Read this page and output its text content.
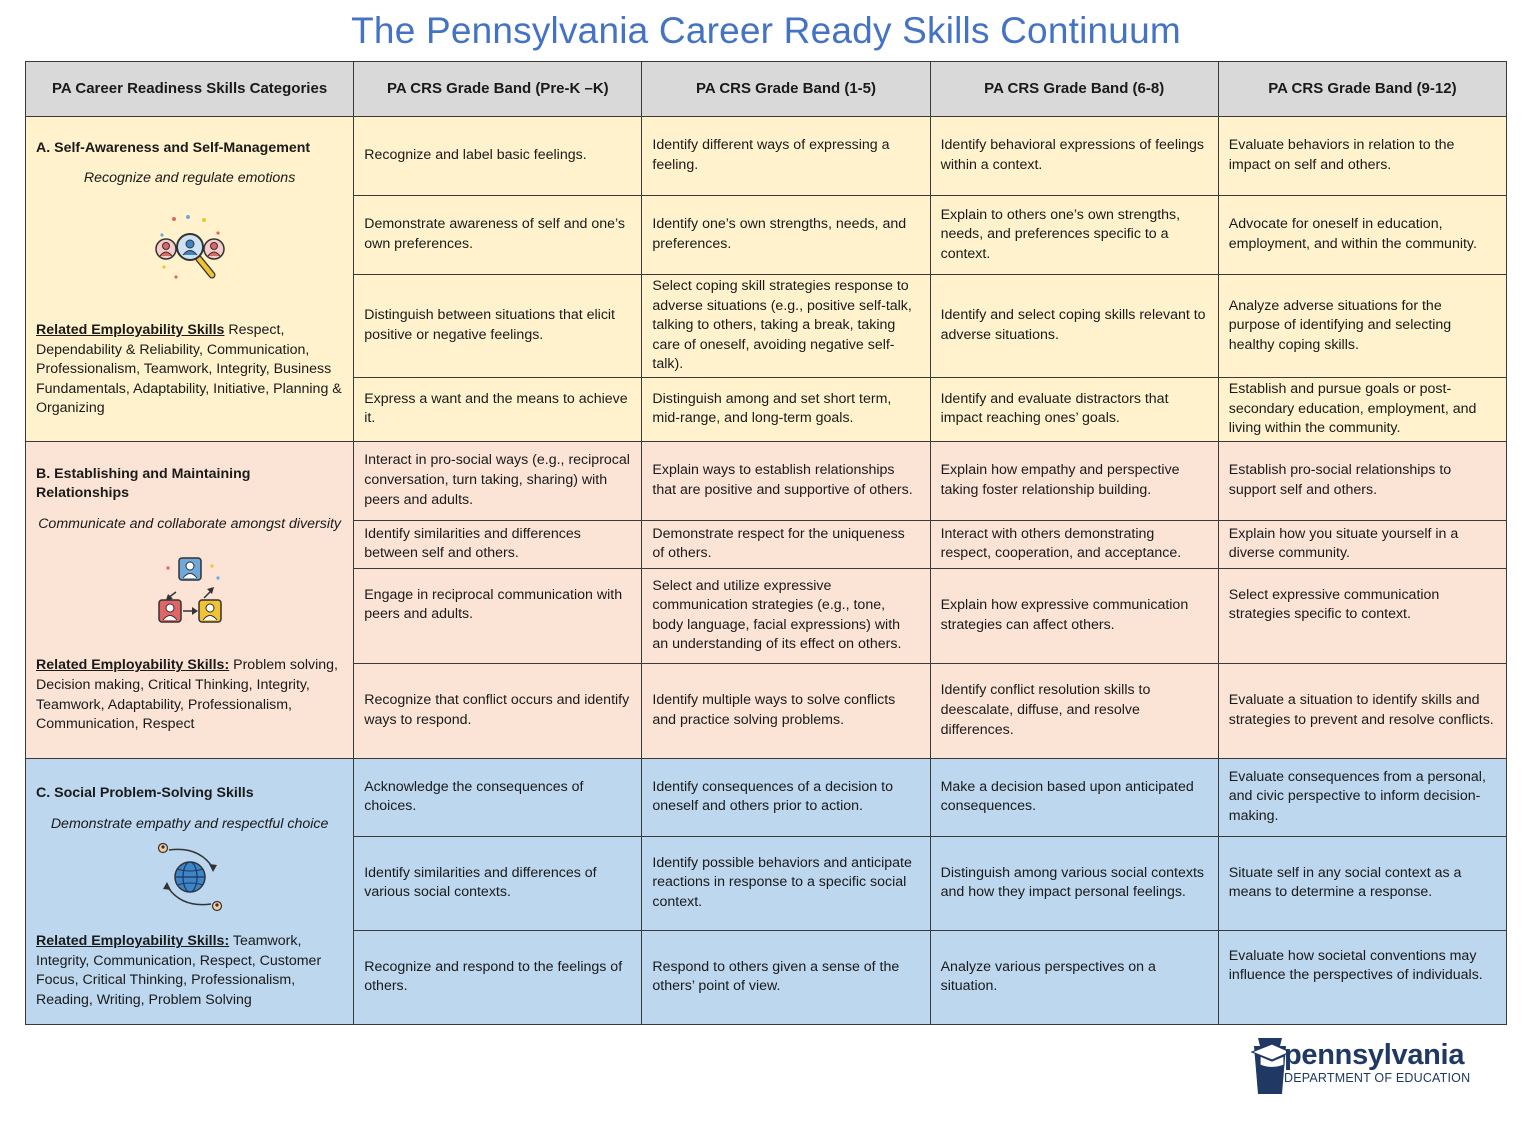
The Pennsylvania Career Ready Skills Continuum
PA Career Readiness Skills Categories	PA CRS Grade Band (Pre-K –K)	PA CRS Grade Band (1-5)	PA CRS Grade Band (6-8)	PA CRS Grade Band (9-12)

A. Self-Awareness and Self-Management
Recognize and regulate emotions
Related Employability Skills Respect, Dependability & Reliability, Communication, Professionalism, Teamwork, Integrity, Business Fundamentals, Adaptability, Initiative, Planning & Organizing	Recognize and label basic feelings.	Identify different ways of expressing a feeling.	Identify behavioral expressions of feelings within a context.	Evaluate behaviors in relation to the impact on self and others.
	Demonstrate awareness of self and one’s own preferences.	Identify one’s own strengths, needs, and preferences.	Explain to others one’s own strengths, needs, and preferences specific to a context.	Advocate for oneself in education, employment, and within the community.
	Distinguish between situations that elicit positive or negative feelings.	Select coping skill strategies response to adverse situations (e.g., positive self-talk, talking to others, taking a break, taking care of oneself, avoiding negative self-talk).	Identify and select coping skills relevant to adverse situations.	Analyze adverse situations for the purpose of identifying and selecting healthy coping skills.
	Express a want and the means to achieve it.	Distinguish among and set short term, mid-range, and long-term goals.	Identify and evaluate distractors that impact reaching ones’ goals.	Establish and pursue goals or post-secondary education, employment, and living within the community.

B. Establishing and Maintaining Relationships
Communicate and collaborate amongst diversity
Related Employability Skills: Problem solving, Decision making, Critical Thinking, Integrity, Teamwork, Adaptability, Professionalism, Communication, Respect	Interact in pro-social ways (e.g., reciprocal conversation, turn taking, sharing) with peers and adults.	Explain ways to establish relationships that are positive and supportive of others.	Explain how empathy and perspective taking foster relationship building.	Establish pro-social relationships to support self and others.
	Identify similarities and differences between self and others.	Demonstrate respect for the uniqueness of others.	Interact with others demonstrating respect, cooperation, and acceptance.	Explain how you situate yourself in a diverse community.
	Engage in reciprocal communication with peers and adults.	Select and utilize expressive communication strategies (e.g., tone, body language, facial expressions) with an understanding of its effect on others.	Explain how expressive communication strategies can affect others.	Select expressive communication strategies specific to context.
	Recognize that conflict occurs and identify ways to respond.	Identify multiple ways to solve conflicts and practice solving problems.	Identify conflict resolution skills to deescalate, diffuse, and resolve differences.	Evaluate a situation to identify skills and strategies to prevent and resolve conflicts.

C. Social Problem-Solving Skills
Demonstrate empathy and respectful choice
Related Employability Skills: Teamwork, Integrity, Communication, Respect, Customer Focus, Critical Thinking, Professionalism, Reading, Writing, Problem Solving	Acknowledge the consequences of choices.	Identify consequences of a decision to oneself and others prior to action.	Make a decision based upon anticipated consequences.	Evaluate consequences from a personal, and civic perspective to inform decision-making.
	Identify similarities and differences of various social contexts.	Identify possible behaviors and anticipate reactions in response to a specific social context.	Distinguish among various social contexts and how they impact personal feelings.	Situate self in any social context as a means to determine a response.
	Recognize and respond to the feelings of others.	Respond to others given a sense of the others’ point of view.	Analyze various perspectives on a situation.	Evaluate how societal conventions may influence the perspectives of individuals.
pennsylvania
DEPARTMENT OF EDUCATION
